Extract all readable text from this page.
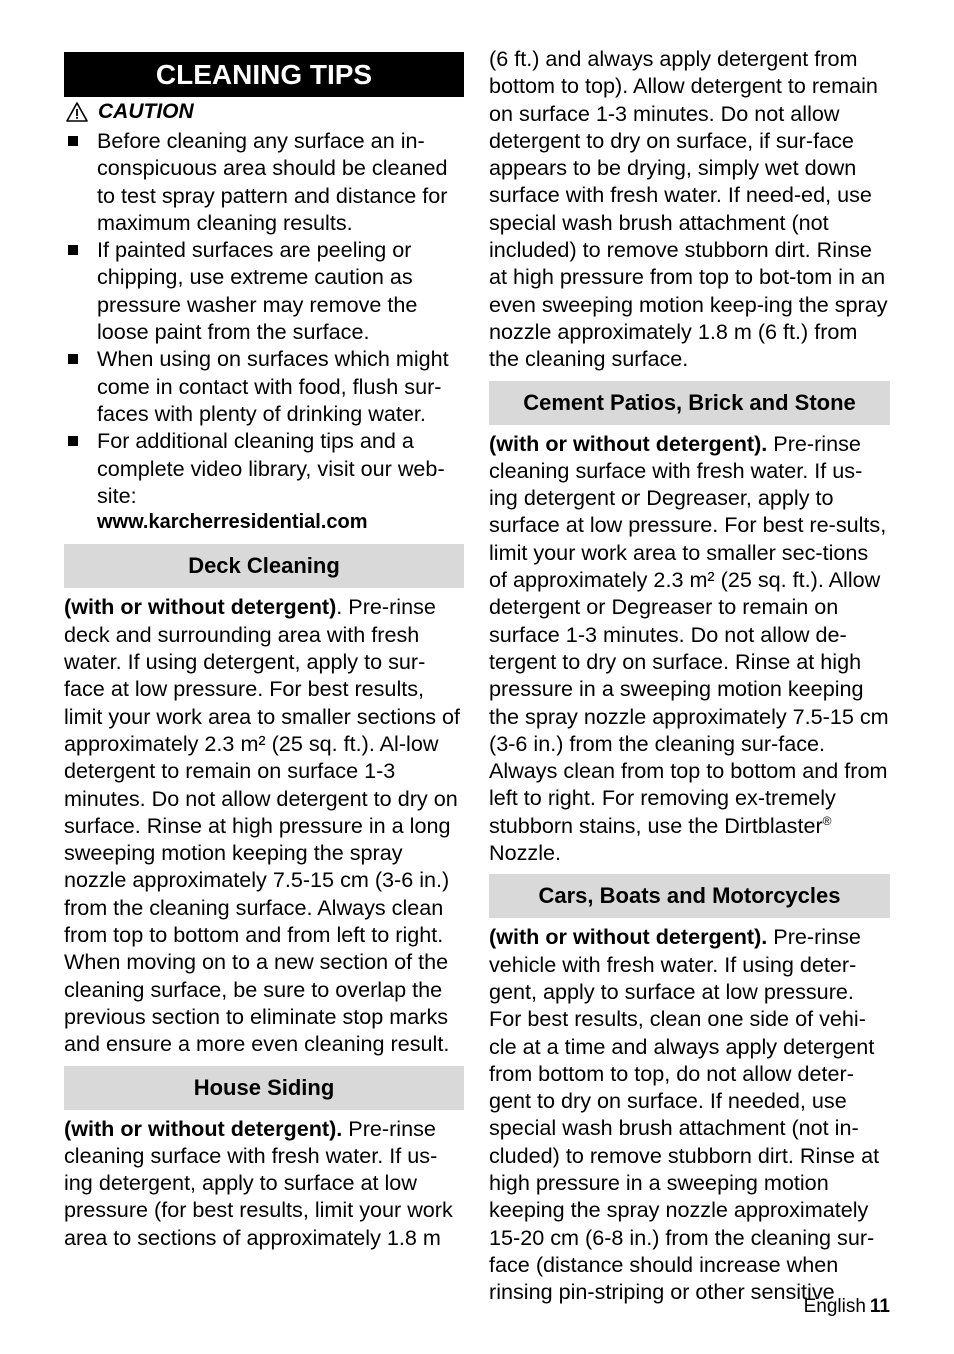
CLEANING TIPS
CAUTION
Before cleaning any surface an in-conspicuous area should be cleaned to test spray pattern and distance for maximum cleaning results.
If painted surfaces are peeling or chipping, use extreme caution as pressure washer may remove the loose paint from the surface.
When using on surfaces which might come in contact with food, flush sur-faces with plenty of drinking water.
For additional cleaning tips and a complete video library, visit our web-site:
www.karcherresidential.com
Deck Cleaning

(with or without detergent). Pre-rinse deck and surrounding area with fresh water. If using detergent, apply to sur-face at low pressure. For best results, limit your work area to smaller sections of approximately 2.3 m² (25 sq. ft.). Al-low detergent to remain on surface 1-3 minutes. Do not allow detergent to dry on surface. Rinse at high pressure in a long sweeping motion keeping the spray nozzle approximately 7.5-15 cm (3-6 in.) from the cleaning surface. Always clean from top to bottom and from left to right. When moving on to a new section of the cleaning surface, be sure to overlap the previous section to eliminate stop marks and ensure a more even cleaning result.

House Siding

(with or without detergent). Pre-rinse cleaning surface with fresh water. If us-ing detergent, apply to surface at low pressure (for best results, limit your work area to sections of approximately 1.8 m

(6 ft.) and always apply detergent from bottom to top). Allow detergent to remain on surface 1-3 minutes. Do not allow detergent to dry on surface, if sur-face appears to be drying, simply wet down surface with fresh water. If need-ed, use special wash brush attachment (not included) to remove stubborn dirt. Rinse at high pressure from top to bot-tom in an even sweeping motion keep-ing the spray nozzle approximately 1.8 m (6 ft.) from the cleaning surface.

Cement Patios, Brick and Stone

(with or without detergent). Pre-rinse cleaning surface with fresh water. If us-ing detergent or Degreaser, apply to surface at low pressure. For best re-sults, limit your work area to smaller sec-tions of approximately 2.3 m² (25 sq. ft.). Allow detergent or Degreaser to remain on surface 1-3 minutes. Do not allow de-tergent to dry on surface. Rinse at high pressure in a sweeping motion keeping the spray nozzle approximately 7.5-15 cm (3-6 in.) from the cleaning sur-face. Always clean from top to bottom and from left to right. For removing ex-tremely stubborn stains, use the Dirtblaster® Nozzle.

Cars, Boats and Motorcycles

(with or without detergent). Pre-rinse vehicle with fresh water. If using deter-gent, apply to surface at low pressure. For best results, clean one side of vehi-cle at a time and always apply detergent from bottom to top, do not allow deter-gent to dry on surface. If needed, use special wash brush attachment (not in-cluded) to remove stubborn dirt. Rinse at high pressure in a sweeping motion keeping the spray nozzle approximately 15-20 cm (6-8 in.) from the cleaning sur-face (distance should increase when rinsing pin-striping or other sensitive

English 11
